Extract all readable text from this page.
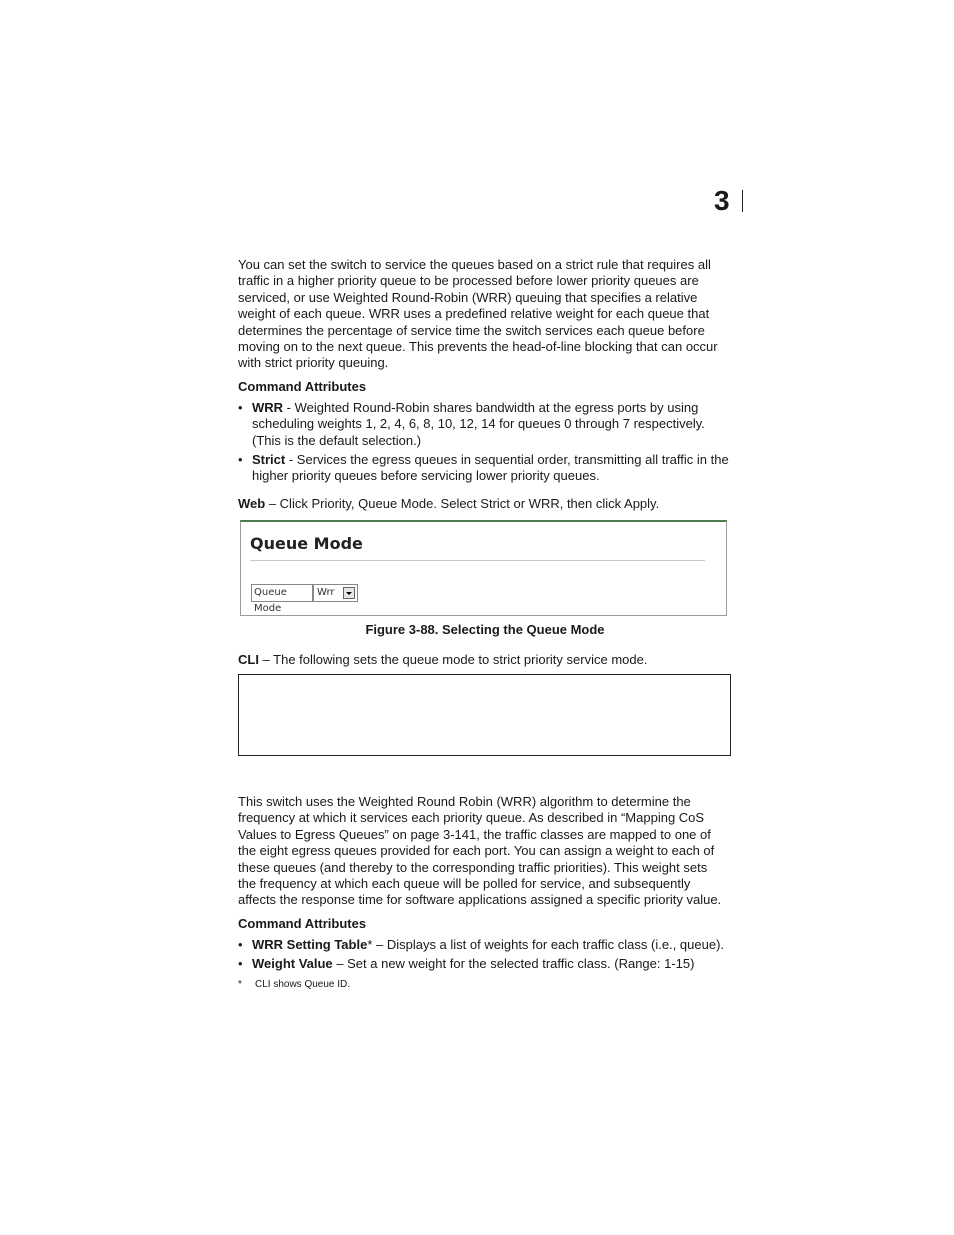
3
You can set the switch to service the queues based on a strict rule that requires all
traffic in a higher priority queue to be processed before lower priority queues are
serviced, or use Weighted Round-Robin (WRR) queuing that specifies a relative
weight of each queue. WRR uses a predefined relative weight for each queue that
determines the percentage of service time the switch services each queue before
moving on to the next queue. This prevents the head-of-line blocking that can occur
with strict priority queuing.
Command Attributes
• WRR - Weighted Round-Robin shares bandwidth at the egress ports by using
scheduling weights 1, 2, 4, 6, 8, 10, 12, 14 for queues 0 through 7 respectively.
(This is the default selection.)
• Strict - Services the egress queues in sequential order, transmitting all traffic in the
higher priority queues before servicing lower priority queues.
Web – Click Priority, Queue Mode. Select Strict or WRR, then click Apply.
Queue Mode
Queue Mode
Wrr
Figure 3-88. Selecting the Queue Mode
CLI – The following sets the queue mode to strict priority service mode.
This switch uses the Weighted Round Robin (WRR) algorithm to determine the
frequency at which it services each priority queue. As described in “Mapping CoS
Values to Egress Queues” on page 3-141, the traffic classes are mapped to one of
the eight egress queues provided for each port. You can assign a weight to each of
these queues (and thereby to the corresponding traffic priorities). This weight sets
the frequency at which each queue will be polled for service, and subsequently
affects the response time for software applications assigned a specific priority value.
Command Attributes
• WRR Setting Table* – Displays a list of weights for each traffic class (i.e., queue).
• Weight Value – Set a new weight for the selected traffic class. (Range: 1-15)
* CLI shows Queue ID.
